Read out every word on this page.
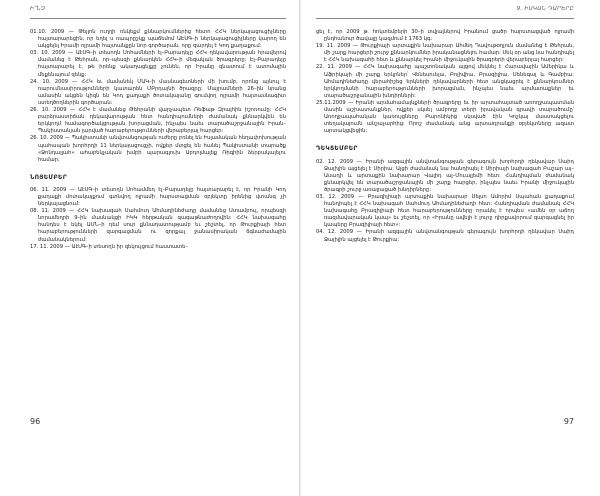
Ի՞ՆՉ

01.10. 2009 — Թեյլոն ուղղի ռնկեքմ քննարկումներից հետո ՀՀԿ ներկայացուցիչները հայտարարեցին, որ եղել ս ռապրըշկք պաճեմոմ ԱԷՍԳ–ի ներկայացուցիչները կարող են ակցելել Իրամի ոլրամի հայտանքըն նոր գործարան, որը զարդել է Կոդ քաղաքում:

03. 10. 2009 — ԱէՍԳ–ի տեսողն Սոհամների էլ–Բարադեյը ՀՀԿ ղեկավարության հրավերով մամանեց է Թեհրան, որ–պեսզի քննարկեն ՀՀԿ–ի մեզական ծրագրերը: Էլ–Բարադեյը հայտարարել է, թե իրենք ակաղացնյքը չունեն, որ Իրանը զնատում է ատոմային մեքենայում զենք:

24. 10. 2009 — ՀՀԿ եւ մամանեկ ՄԱԿ–ի մասնագետների մի խումբ, որոնց այնուլ է ռարումնասիրությունների կատարեն ՄԲրդայնի ծրագրը: Մայրամների 26–ին նրանց ամասին ակցեն կիզն են Կոդ քաղաքի ծոտակայանը գումվող ոլրամի հայտասնագիտ ստեղծողներին գործարան:

26. 10. 2009 — ՀՀԿ է մամանեց Թեհրանի վարչապետ Ռեֆաթ Զրալհին իշոռումը: ՀՀԿ բարձրաստիճան ղեկավարության հետ հանդիպումների ժամանակ քննարկվեն են երկկողմ համագործակցության խորացման, ինչպես նաեւ տարածաշրջանային Իրան–Պակիստանյան լարված հարաբերությունների վերաբերյալ հարցեր:

26. 10. 2009 — Պակիստանի անվտանգության ուժերը բռնել են Իսլամական հեղափոխության պահապան խորհրդի 11 ներկայացուցչի, ովքեր մտցել են հանել Պակիստանի տարածք «Ջոնդալլահ» ահաբեկչական խմբի պարագլուխ Աբդոլմալեք Ռիգիին ձերբակալելու համար:

ՆՈՅԵՄԲԵՐ

06. 11. 2009 — ԱէՍԳ–ի տեսողն Սոհամմեդ էլ–Բարադեյը հայտարարել է, որ Իրանի Կոդ քաղաքի մոտակայքում գտնվող ոլրամի հարստացման օբյեկտը իրենից վտանգ չի ներկայացնում:

08. 11. 2009 — ՀՀԿ նախագահ Սահմուդ Ահմադինեժադը մամանեց Ստամբուլ, որպեսզի նորամեղրի 9–ին մասնակցի ԻԿԿ հերթական գագաթնաժողովին: ՀՀԿ նախագահը հանդես է եկել ԱՄՆ–ի դեմ սուր քննադատությամբ եւ շեշտել, որ Թուրքիայի հետ հարաբերությունների զարգացման ու զորքալ ջանասիրական ճգնաժամային ժամանակներում:

17. 11. 2009 — ԱէՍԳ–ի տեսողն իր զեկույցում հաստատե–

96
9. ԻՍԿԱՆ ԴԱՐԵՐԸ

ցել է, որ 2009 թ. հոկտեմբերի 30–ի տվյալներով Իրանում ցածր հարստացված ոլրամի ընդհանուր ծավալը կազմում է 1763 կգ:

19. 11. 2009 — Թուրքիայի արտաքին նախարար Ահմեդ Դավութօղլուն մամանեց է Թեհրան, մի շարք հարցերի շուրջ քննարկումներ իրականացնելու համար: Սեկ օր անց նա հանդիպել է ՀՀԿ նախագահի հետ և քննարկել Իրանի միջուկային ծրագրերի վերաբերյալ հարցեր:

22. 11. 2009 — ՀՀԿ նախագահը պաշտոնական այցով մեկնել է Հարավային Ամերիկա և Աֆրիկայի մի շարք երկրներ՝ Վենեսուելա, Բոլիվիա, Բրազիլիա, Սենեգալ և Գամբիա: Ահմադինեժադը վերահիշեց երկների ղեկավարների հետ անցկացրել է քննարկումներ երկկողմանի հարաբերությունների խորացման, ինչպես նաեւ արմատաքներ եւ տարածաշրջանային խնդիրների:

25.11.2009 — Իրանի արմահամայնքների ծրագրերը եւ իր արտահայտած առողջապատման մասին աշխատանքներ, ովքեր սկսել ամբողջ տերի իրավական գրավի տարածումը՝ Առողջապահական կառույցները Բարոնիկից սկսված էին Կոշկայ մաստակցելու տեղակայումն անշաչարհից: Որոշ ժամանակ անց արտադրանքի օբյեկտները ազատ արտակցվեցին:

ԴԵԿՏԵՄԲԵՐ

02. 12. 2009 — Իրանի ազգային անվտանգության գերագույն խորհրդի ղեկավար Սաիդ Ջալիլին այցելել է Սիրիա: Այցի ժամանակ նա հանդիպել է Սիրիայի նախագահ Բաշար ալ–Ասադի և արտաքին նախարար Վալիդ ալ–Մուալլեմի հետ: Հանդիպման ժամանակ քննարկվել են տարածաշրջանային մի շարք հարցեր, ինչպես նաեւ Իրանի միջուկային ծրագրի շուրջ առաջացած խնդիրները:

03. 12. 2009 — Բրազիլիայի արտաքին նախարար Սելսո Ամորիմ Սպահան քաղաքում հանդիպել է ՀՀԿ նախագահ Սահմուդ Ահմադինեժադի հետ: Հանդիպման ժամանակ ՀՀԿ նախագահը Բրազիլիայի հետ հարաբերությունները որակել է որպես «ամեն օր աճող ռազմավարական կապ» եւ շեշտել, որ «Իրանը ավելի է լուրջ դիրքավորում զարգացնել իր կապերը Բրազիլիայի հետ»:

04. 12. 2009 — Իրանի ազգային անվտանգության գերագույն խորհրդի ղեկավար Սաիդ Ջալիլին այցելել է Թուրքիա:

97
